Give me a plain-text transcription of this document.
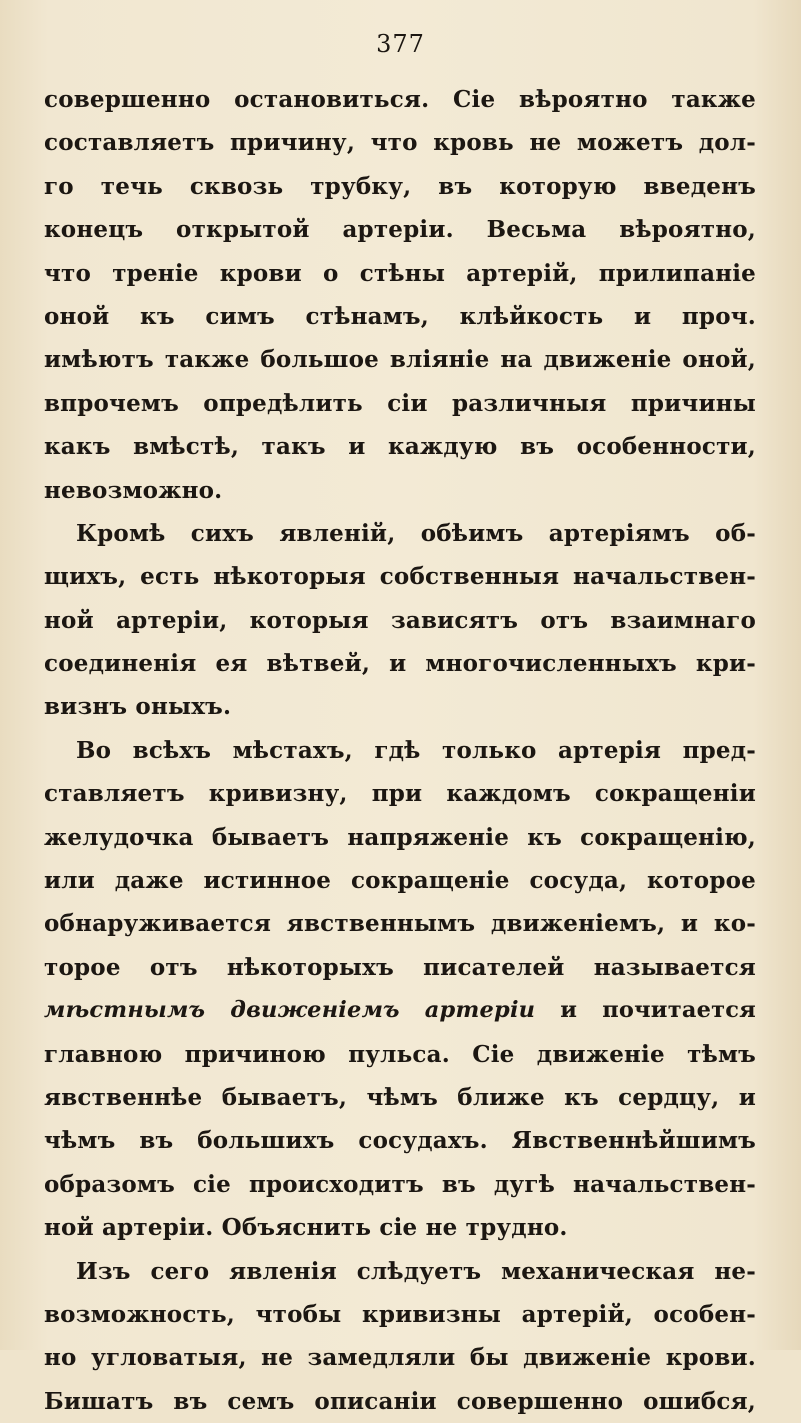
377
совершенно остановиться. Сіе вѣроятно также
составляетъ причину, что кровь не можетъ дол-
го течь сквозь трубку, въ которую введенъ
конецъ открытой артеріи. Весьма вѣроятно,
что треніе крови о стѣны артерій, прилипаніе
оной къ симъ стѣнамъ, клѣйкость и проч.
имѣютъ также большое вліяніе на движеніе оной,
впрочемъ опредѣлить сіи различныя причины
какъ вмѣстѣ, такъ и каждую въ особенности,
невозможно.
Кромѣ сихъ явленій, обѣимъ артеріямъ об-
щихъ, есть нѣкоторыя собственныя начальствен-
ной артеріи, которыя зависятъ отъ взаимнаго
соединенія ея вѣтвей, и многочисленныхъ кри-
визнъ оныхъ.
Во всѣхъ мѣстахъ, гдѣ только артерія пред-
ставляетъ кривизну, при каждомъ сокращеніи
желудочка бываетъ напряженіе къ сокращенію,
или даже истинное сокращеніе сосуда, которое
обнаруживается явственнымъ движеніемъ, и ко-
торое отъ нѣкоторыхъ писателей называется
мѣстнымъ движеніемъ артеріи и почитается
главною причиною пульса. Сіе движеніе тѣмъ
явственнѣе бываетъ, чѣмъ ближе къ сердцу, и
чѣмъ въ большихъ сосудахъ. Явственнѣйшимъ
образомъ сіе происходитъ въ дугѣ начальствен-
ной артеріи. Объяснить сіе не трудно.
Изъ сего явленія слѣдуетъ механическая не-
возможность, чтобы кривизны артерій, особен-
но угловатыя, не замедляли бы движеніе крови.
Бишатъ въ семъ описаніи совершенно ошибся,
